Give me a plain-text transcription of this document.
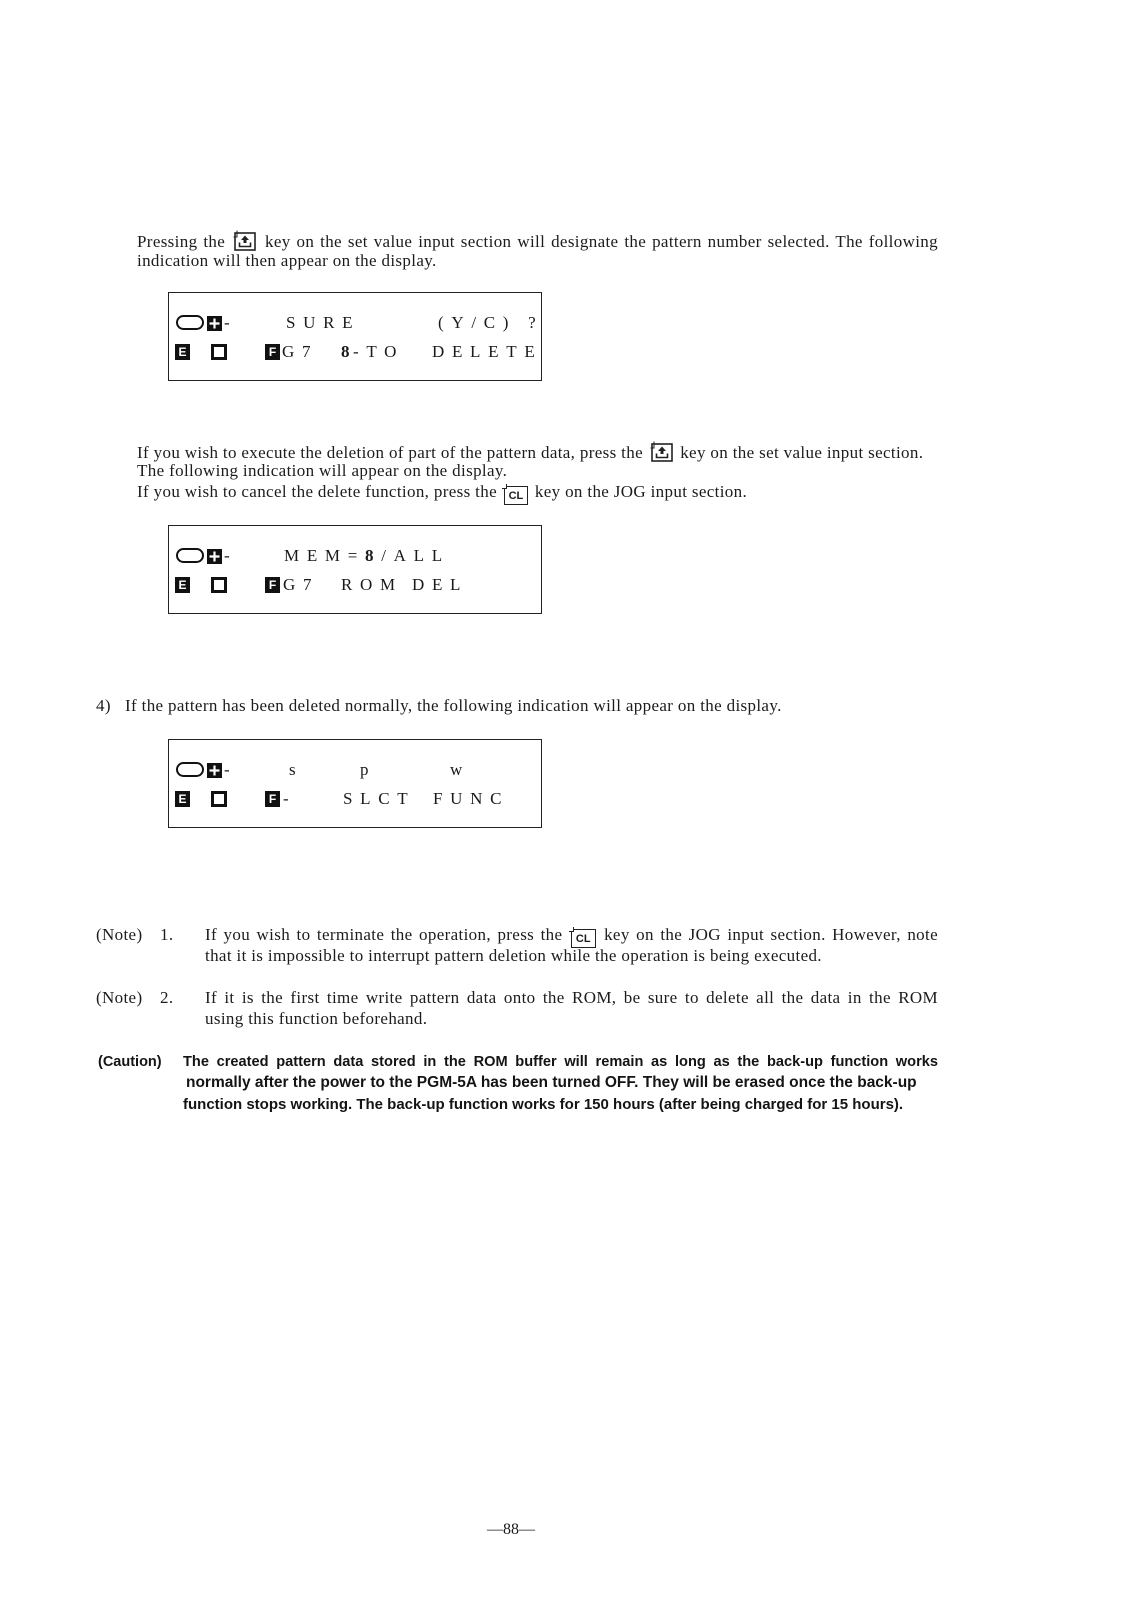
Pressing the key on the set value input section will designate the pattern number selected. The following
indication will then appear on the display.
-	SURE	(Y/C) ?
E	F G7 8
-TO DELETE
If you wish to execute the deletion of part of the pattern data, press the key on the set value input section.
The following indication will appear on the display.
If you wish to cancel the delete function, press the CL key on the JOG input section.
-	MEM=8/ALL
E	F G7 ROM DEL
4) If the pattern has been deleted normally, the following indication will appear on the display.
-	s	p	w
E	F -	SLCT FUNC
(Note) 1. If you wish to terminate the operation, press the CL key on the JOG input section. However, note
that it is impossible to interrupt pattern deletion while the operation is being executed.
(Note) 2. If it is the first time write pattern data onto the ROM, be sure to delete all the data in the ROM
using this function beforehand.
(Caution) The created pattern data stored in the ROM buffer will remain as long as the back-up function works
normally after the power to the PGM-5A has been turned OFF. They will be erased once the back-up
function stops working. The back-up function works for 150 hours (after being charged for 15 hours).
—88—
